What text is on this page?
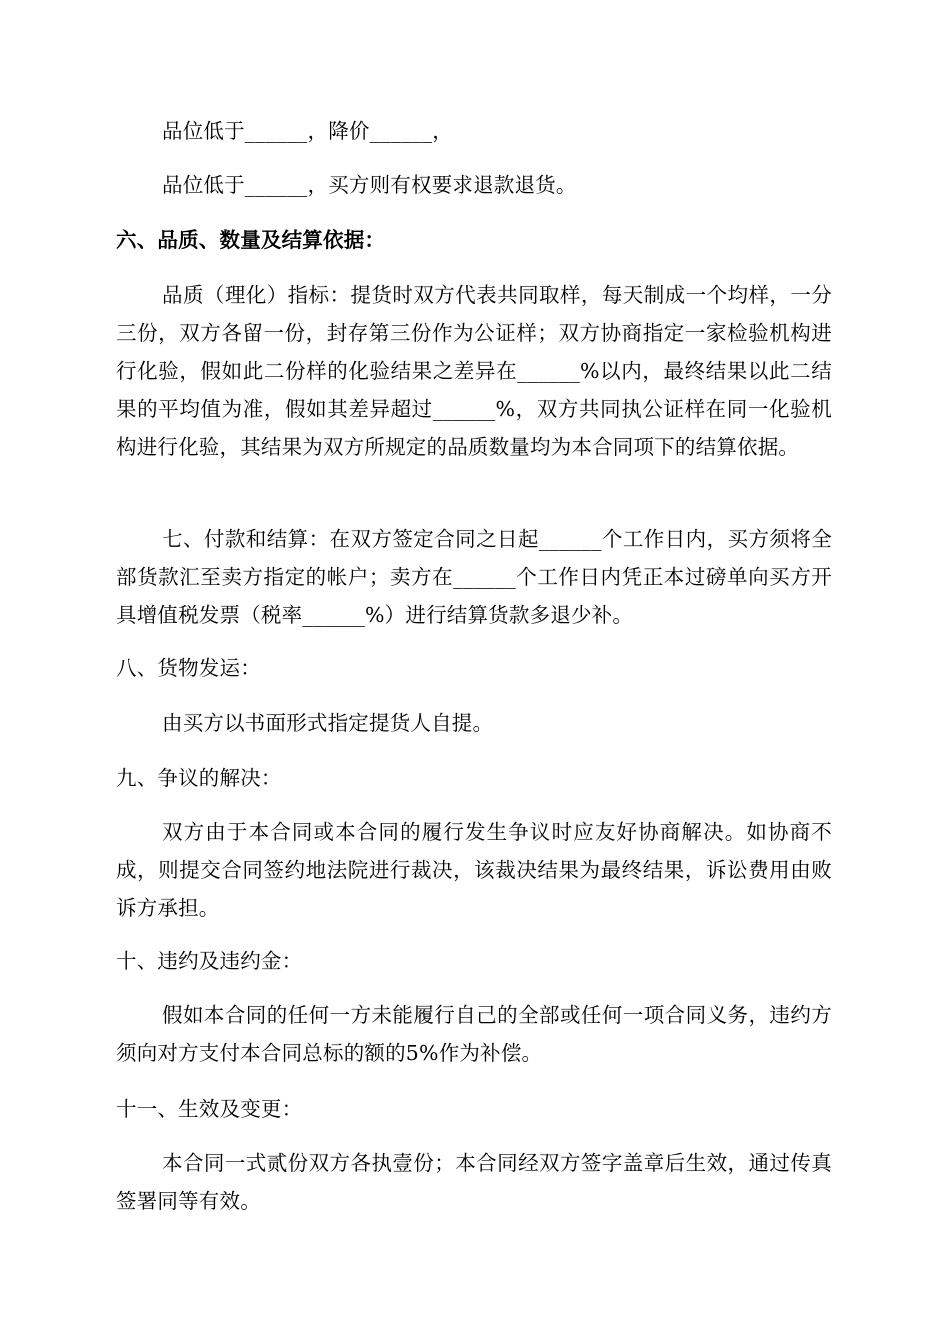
品位低于______，降价______，

品位低于______，买方则有权要求退款退货。

六、品质、数量及结算依据：

品质（理化）指标：提货时双方代表共同取样，每天制成一个均样，一分三份，双方各留一份，封存第三份作为公证样；双方协商指定一家检验机构进行化验，假如此二份样的化验结果之差异在______%以内，最终结果以此二结果的平均值为准，假如其差异超过______%，双方共同执公证样在同一化验机构进行化验，其结果为双方所规定的品质数量均为本合同项下的结算依据。

七、付款和结算：在双方签定合同之日起______个工作日内，买方须将全部货款汇至卖方指定的帐户；卖方在______个工作日内凭正本过磅单向买方开具增值税发票（税率______%）进行结算货款多退少补。

八、货物发运：

由买方以书面形式指定提货人自提。

九、争议的解决：

双方由于本合同或本合同的履行发生争议时应友好协商解决。如协商不成，则提交合同签约地法院进行裁决，该裁决结果为最终结果，诉讼费用由败诉方承担。

十、违约及违约金：

假如本合同的任何一方未能履行自己的全部或任何一项合同义务，违约方须向对方支付本合同总标的额的5%作为补偿。

十一、生效及变更：

本合同一式贰份双方各执壹份；本合同经双方签字盖章后生效，通过传真签署同等有效。
